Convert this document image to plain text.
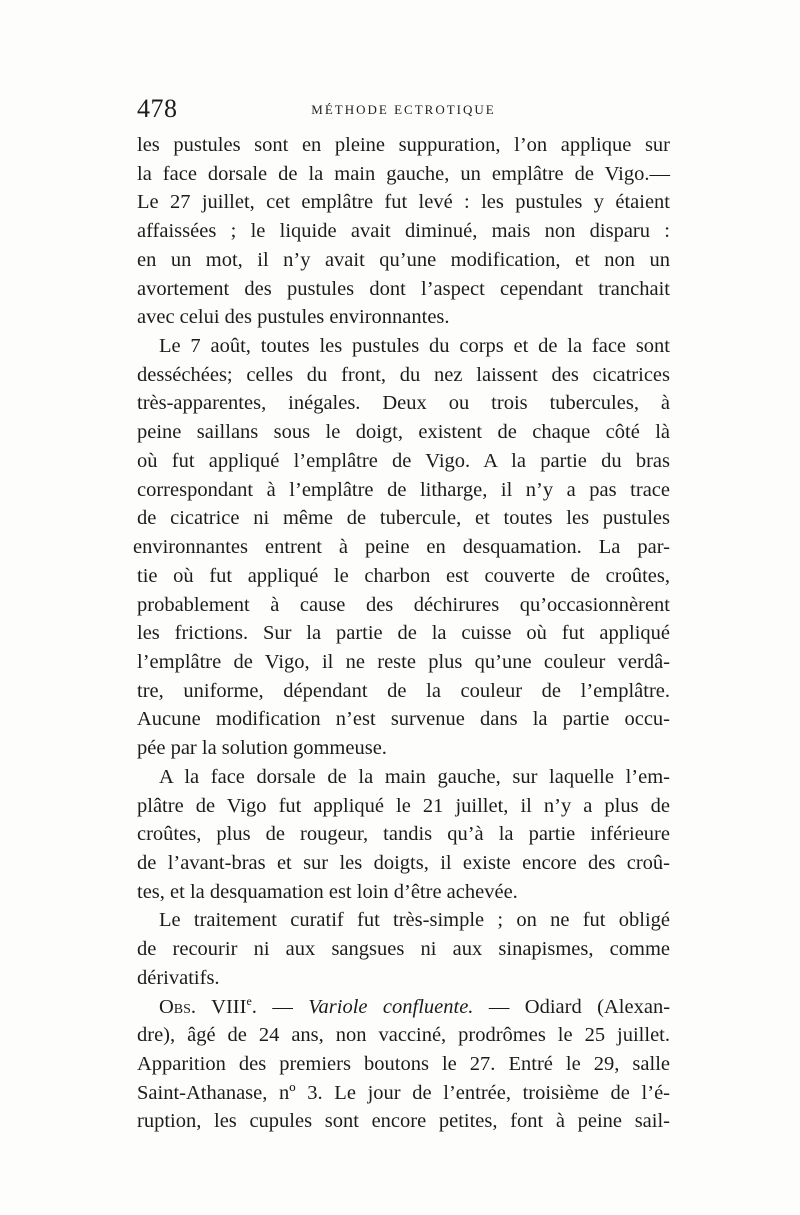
478	MÉTHODE ECTROTIQUE
les pustules sont en pleine suppuration, l’on applique sur
la face dorsale de la main gauche, un emplâtre de Vigo.—
Le 27 juillet, cet emplâtre fut levé : les pustules y étaient
affaissées ; le liquide avait diminué, mais non disparu :
en un mot, il n’y avait qu’une modification, et non un
avortement des pustules dont l’aspect cependant tranchait
avec celui des pustules environnantes.
Le 7 août, toutes les pustules du corps et de la face sont
desséchées; celles du front, du nez laissent des cicatrices
très-apparentes, inégales. Deux ou trois tubercules, à
peine saillans sous le doigt, existent de chaque côté là
où fut appliqué l’emplâtre de Vigo. A la partie du bras
correspondant à l’emplâtre de litharge, il n’y a pas trace
de cicatrice ni même de tubercule, et toutes les pustules
environnantes entrent à peine en desquamation. La par-
tie où fut appliqué le charbon est couverte de croûtes,
probablement à cause des déchirures qu’occasionnèrent
les frictions. Sur la partie de la cuisse où fut appliqué
l’emplâtre de Vigo, il ne reste plus qu’une couleur verdâ-
tre, uniforme, dépendant de la couleur de l’emplâtre.
Aucune modification n’est survenue dans la partie occu-
pée par la solution gommeuse.
A la face dorsale de la main gauche, sur laquelle l’em-
plâtre de Vigo fut appliqué le 21 juillet, il n’y a plus de
croûtes, plus de rougeur, tandis qu’à la partie inférieure
de l’avant-bras et sur les doigts, il existe encore des croû-
tes, et la desquamation est loin d’être achevée.
Le traitement curatif fut très-simple ; on ne fut obligé
de recourir ni aux sangsues ni aux sinapismes, comme
dérivatifs.
Obs. VIIIe. — Variole confluente. — Odiard (Alexan-
dre), âgé de 24 ans, non vacciné, prodrômes le 25 juillet.
Apparition des premiers boutons le 27. Entré le 29, salle
Saint-Athanase, nº 3. Le jour de l’entrée, troisième de l’é-
ruption, les cupules sont encore petites, font à peine sail-
